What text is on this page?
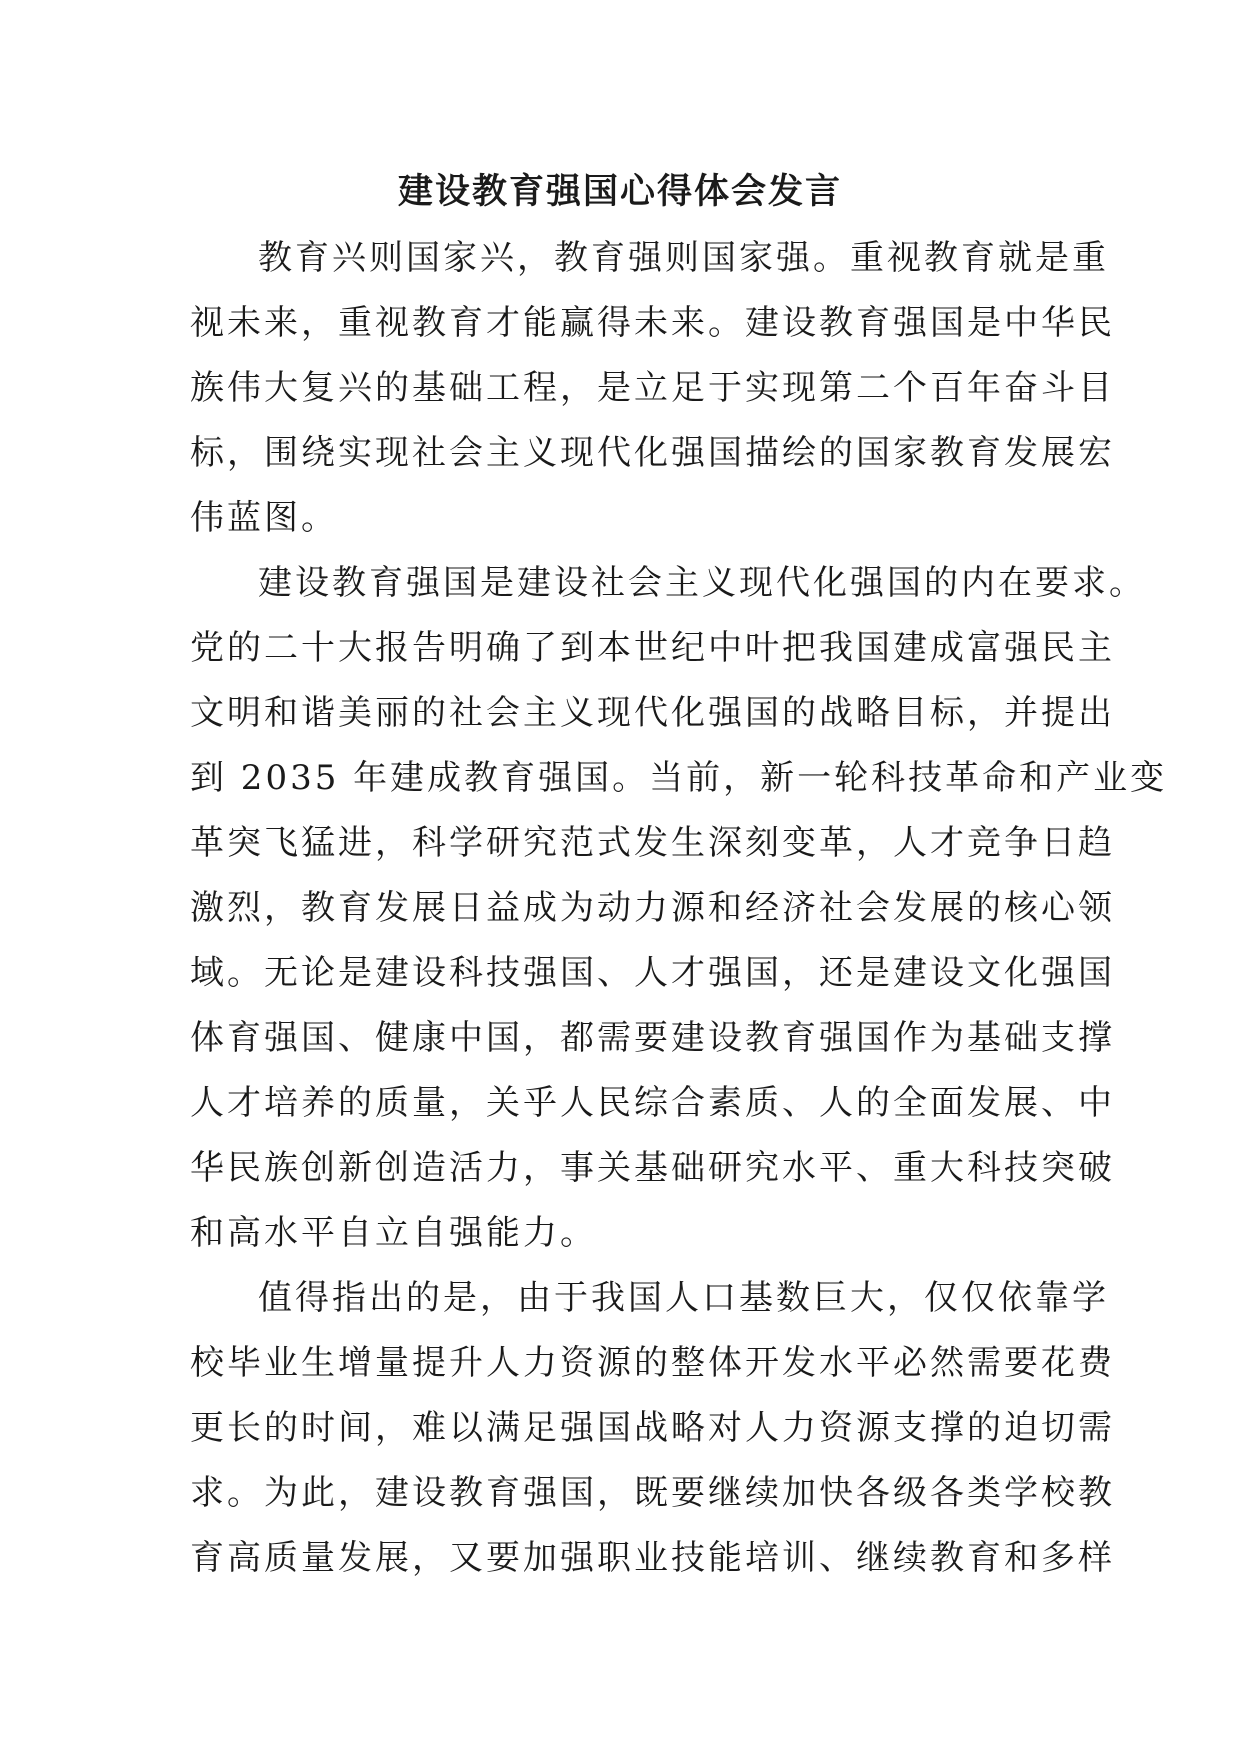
建设教育强国心得体会发言
教育兴则国家兴，教育强则国家强。重视教育就是重
视未来，重视教育才能赢得未来。建设教育强国是中华民
族伟大复兴的基础工程，是立足于实现第二个百年奋斗目
标，围绕实现社会主义现代化强国描绘的国家教育发展宏
伟蓝图。
建设教育强国是建设社会主义现代化强国的内在要求。
党的二十大报告明确了到本世纪中叶把我国建成富强民主
文明和谐美丽的社会主义现代化强国的战略目标，并提出
到 2035 年建成教育强国。当前，新一轮科技革命和产业变
革突飞猛进，科学研究范式发生深刻变革，人才竞争日趋
激烈，教育发展日益成为动力源和经济社会发展的核心领
域。无论是建设科技强国、人才强国，还是建设文化强国
体育强国、健康中国，都需要建设教育强国作为基础支撑
人才培养的质量，关乎人民综合素质、人的全面发展、中
华民族创新创造活力，事关基础研究水平、重大科技突破
和高水平自立自强能力。
值得指出的是，由于我国人口基数巨大，仅仅依靠学
校毕业生增量提升人力资源的整体开发水平必然需要花费
更长的时间，难以满足强国战略对人力资源支撑的迫切需
求。为此，建设教育强国，既要继续加快各级各类学校教
育高质量发展，又要加强职业技能培训、继续教育和多样
